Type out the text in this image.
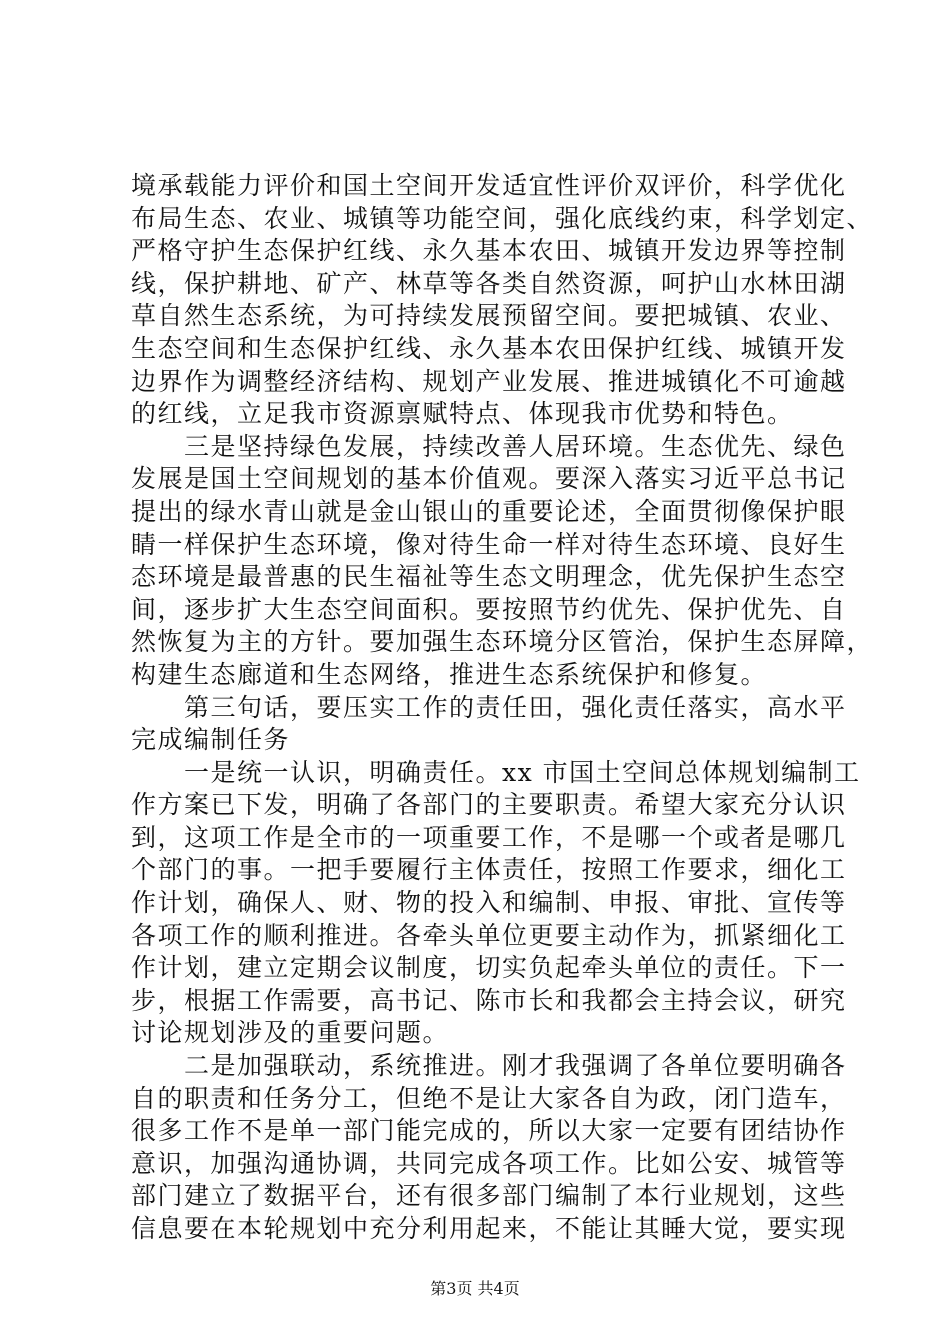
境承载能力评价和国土空间开发适宜性评价双评价，科学优化
布局生态、农业、城镇等功能空间，强化底线约束，科学划定、
严格守护生态保护红线、永久基本农田、城镇开发边界等控制
线，保护耕地、矿产、林草等各类自然资源，呵护山水林田湖
草自然生态系统，为可持续发展预留空间。要把城镇、农业、
生态空间和生态保护红线、永久基本农田保护红线、城镇开发
边界作为调整经济结构、规划产业发展、推进城镇化不可逾越
的红线，立足我市资源禀赋特点、体现我市优势和特色。
　　三是坚持绿色发展，持续改善人居环境。生态优先、绿色
发展是国土空间规划的基本价值观。要深入落实习近平总书记
提出的绿水青山就是金山银山的重要论述，全面贯彻像保护眼
睛一样保护生态环境，像对待生命一样对待生态环境、良好生
态环境是最普惠的民生福祉等生态文明理念，优先保护生态空
间，逐步扩大生态空间面积。要按照节约优先、保护优先、自
然恢复为主的方针。要加强生态环境分区管治，保护生态屏障，
构建生态廊道和生态网络，推进生态系统保护和修复。
　　第三句话，要压实工作的责任田，强化责任落实，高水平
完成编制任务
　　一是统一认识，明确责任。xx 市国土空间总体规划编制工
作方案已下发，明确了各部门的主要职责。希望大家充分认识
到，这项工作是全市的一项重要工作，不是哪一个或者是哪几
个部门的事。一把手要履行主体责任，按照工作要求，细化工
作计划，确保人、财、物的投入和编制、申报、审批、宣传等
各项工作的顺利推进。各牵头单位更要主动作为，抓紧细化工
作计划，建立定期会议制度，切实负起牵头单位的责任。下一
步，根据工作需要，高书记、陈市长和我都会主持会议，研究
讨论规划涉及的重要问题。
　　二是加强联动，系统推进。刚才我强调了各单位要明确各
自的职责和任务分工，但绝不是让大家各自为政，闭门造车，
很多工作不是单一部门能完成的，所以大家一定要有团结协作
意识，加强沟通协调，共同完成各项工作。比如公安、城管等
部门建立了数据平台，还有很多部门编制了本行业规划，这些
信息要在本轮规划中充分利用起来，不能让其睡大觉，要实现
第3页 共4页
